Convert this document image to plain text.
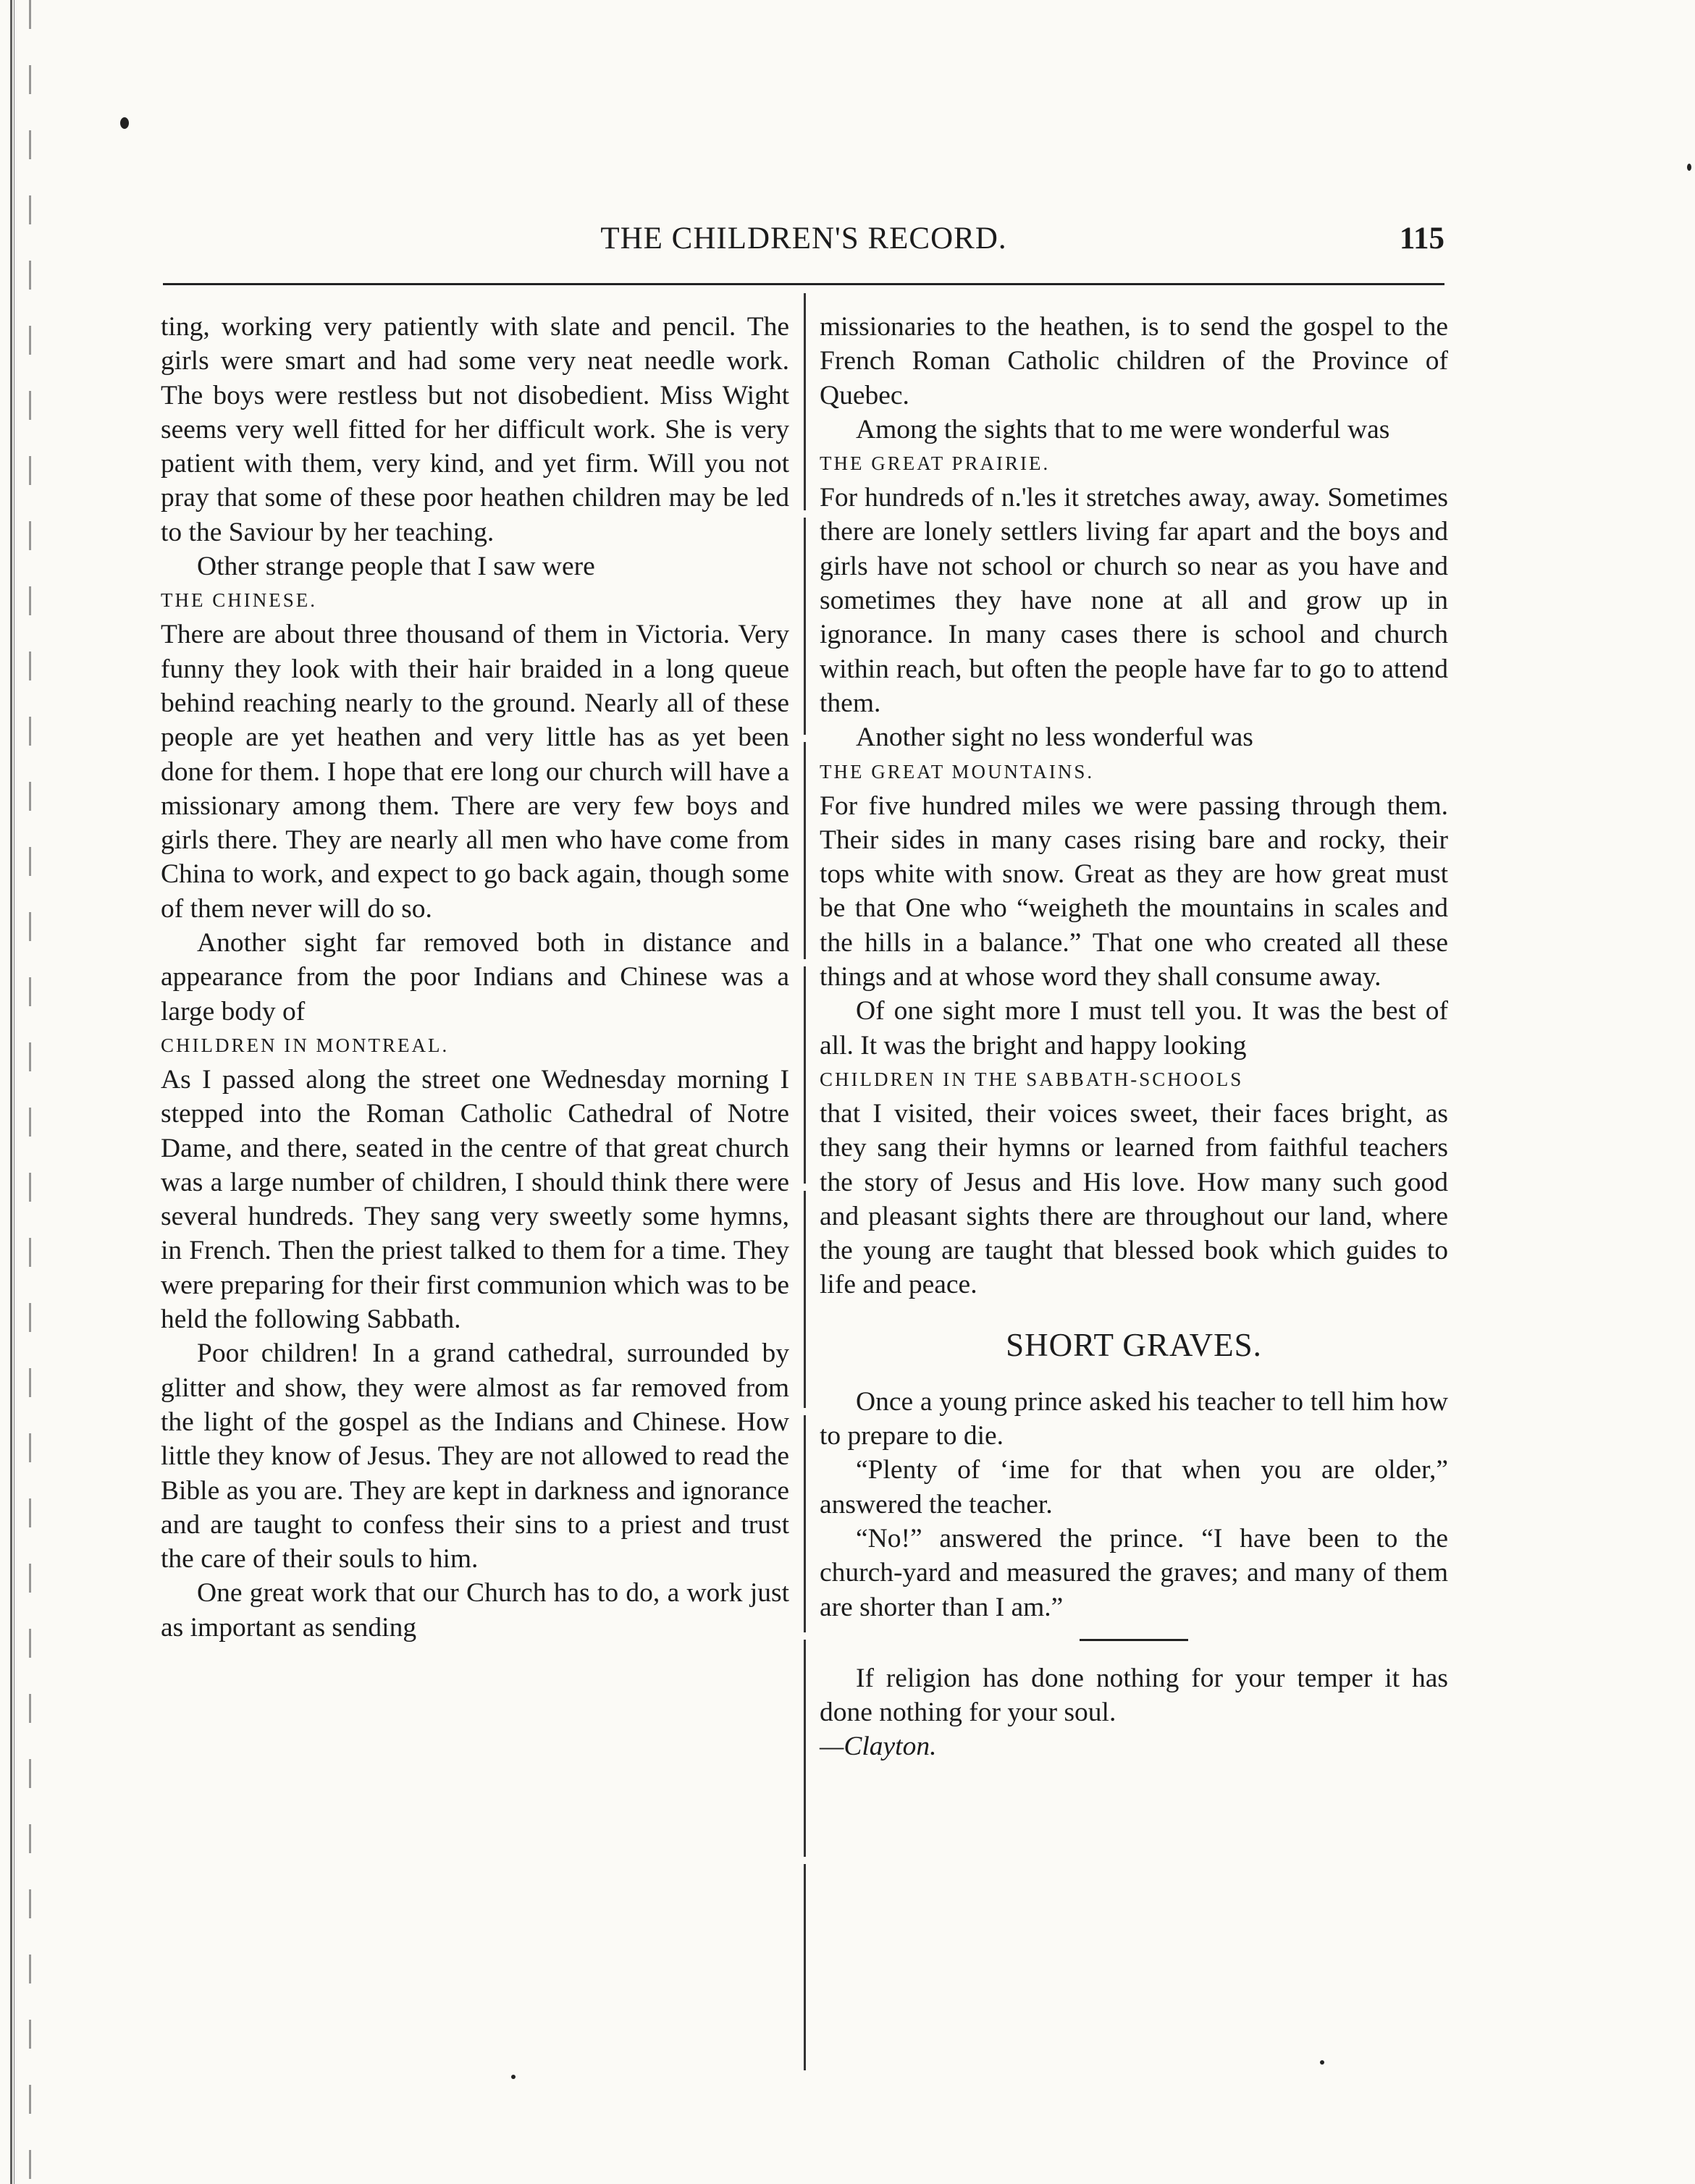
THE CHILDREN'S RECORD.	115

ting, working very patiently with slate and pencil. The girls were smart and had some very neat needle work. The boys were restless but not disobedient. Miss Wight seems very well fitted for her difficult work. She is very patient with them, very kind, and yet firm. Will you not pray that some of these poor heathen children may be led to the Saviour by her teaching.

Other strange people that I saw were

THE CHINESE.

There are about three thousand of them in Victoria. Very funny they look with their hair braided in a long queue behind reaching nearly to the ground. Nearly all of these people are yet heathen and very little has as yet been done for them. I hope that ere long our church will have a missionary among them. There are very few boys and girls there. They are nearly all men who have come from China to work, and expect to go back again, though some of them never will do so.

Another sight far removed both in distance and appearance from the poor Indians and Chinese was a large body of

CHILDREN IN MONTREAL.

As I passed along the street one Wednesday morning I stepped into the Roman Catholic Cathedral of Notre Dame, and there, seated in the centre of that great church was a large number of children, I should think there were several hundreds. They sang very sweetly some hymns, in French. Then the priest talked to them for a time. They were preparing for their first communion which was to be held the following Sabbath.

Poor children! In a grand cathedral, surrounded by glitter and show, they were almost as far removed from the light of the gospel as the Indians and Chinese. How little they know of Jesus. They are not allowed to read the Bible as you are. They are kept in darkness and ignorance and are taught to confess their sins to a priest and trust the care of their souls to him.

One great work that our Church has to do, a work just as important as sending

missionaries to the heathen, is to send the gospel to the French Roman Catholic children of the Province of Quebec.

Among the sights that to me were wonderful was

THE GREAT PRAIRIE.

For hundreds of n.'les it stretches away, away. Sometimes there are lonely settlers living far apart and the boys and girls have not school or church so near as you have and sometimes they have none at all and grow up in ignorance. In many cases there is school and church within reach, but often the people have far to go to attend them.

Another sight no less wonderful was

THE GREAT MOUNTAINS.

For five hundred miles we were passing through them. Their sides in many cases rising bare and rocky, their tops white with snow. Great as they are how great must be that One who “weigheth the mountains in scales and the hills in a balance.” That one who created all these things and at whose word they shall consume away.

Of one sight more I must tell you. It was the best of all. It was the bright and happy looking

CHILDREN IN THE SABBATH-SCHOOLS

that I visited, their voices sweet, their faces bright, as they sang their hymns or learned from faithful teachers the story of Jesus and His love. How many such good and pleasant sights there are throughout our land, where the young are taught that blessed book which guides to life and peace.

SHORT GRAVES.

Once a young prince asked his teacher to tell him how to prepare to die.

“Plenty of ‘ime for that when you are older,” answered the teacher.

“No!” answered the prince. “I have been to the church-yard and measured the graves; and many of them are shorter than I am.”

If religion has done nothing for your temper it has done nothing for your soul.

—Clayton.
